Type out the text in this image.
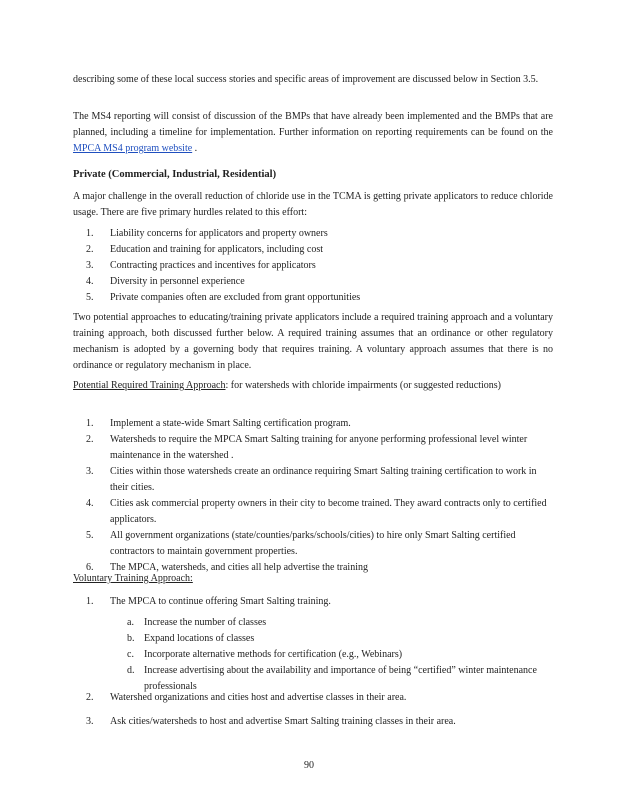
describing some of these local success stories and specific areas of improvement are discussed below in Section 3.5.
The MS4 reporting will consist of discussion of the BMPs that have already been implemented and the BMPs that are planned, including a timeline for implementation. Further information on reporting requirements can be found on the MPCA MS4 program website .
Private (Commercial, Industrial, Residential)
A major challenge in the overall reduction of chloride use in the TCMA is getting private applicators to reduce chloride usage. There are five primary hurdles related to this effort:
1. Liability concerns for applicators and property owners
2. Education and training for applicators, including cost
3. Contracting practices and incentives for applicators
4. Diversity in personnel experience
5. Private companies often are excluded from grant opportunities
Two potential approaches to educating/training private applicators include a required training approach and a voluntary training approach, both discussed further below. A required training assumes that an ordinance or other regulatory mechanism is adopted by a governing body that requires training. A voluntary approach assumes that there is no ordinance or regulatory mechanism in place.
Potential Required Training Approach: for watersheds with chloride impairments (or suggested reductions)
1. Implement a state-wide Smart Salting certification program.
2. Watersheds to require the MPCA Smart Salting training for anyone performing professional level winter maintenance in the watershed .
3. Cities within those watersheds create an ordinance requiring Smart Salting training certification to work in their cities.
4. Cities ask commercial property owners in their city to become trained. They award contracts only to certified applicators.
5. All government organizations (state/counties/parks/schools/cities) to hire only Smart Salting certified contractors to maintain government properties.
6. The MPCA, watersheds, and cities all help advertise the training
Voluntary Training Approach:
1. The MPCA to continue offering Smart Salting training.
a. Increase the number of classes
b. Expand locations of classes
c. Incorporate alternative methods for certification (e.g., Webinars)
d. Increase advertising about the availability and importance of being “certified” winter maintenance professionals
2. Watershed organizations and cities host and advertise classes in their area.
3. Ask cities/watersheds to host and advertise Smart Salting training classes in their area.
90
